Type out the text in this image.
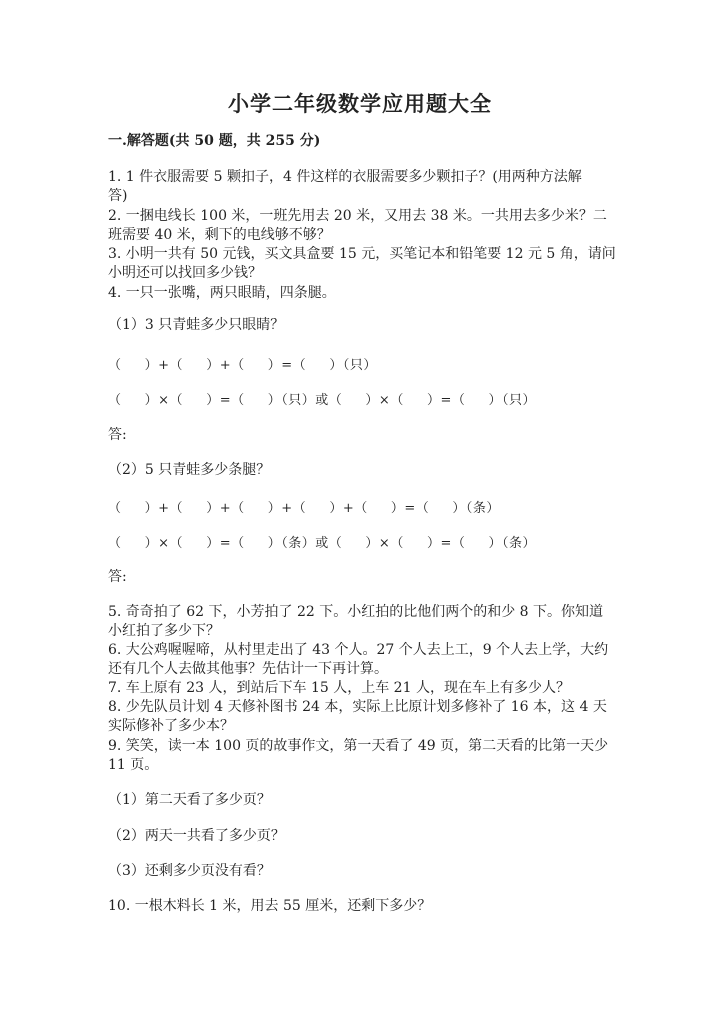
小学二年级数学应用题大全
一.解答题(共 50 题，共 255 分)
1. 1 件衣服需要 5 颗扣子，4 件这样的衣服需要多少颗扣子？(用两种方法解
答)
2. 一捆电线长 100 米，一班先用去 20 米，又用去 38 米。一共用去多少米？二
班需要 40 米，剩下的电线够不够？
3. 小明一共有 50 元钱，买文具盒要 15 元，买笔记本和铅笔要 12 元 5 角，请问
小明还可以找回多少钱？
4. 一只一张嘴，两只眼睛，四条腿。
（1）3 只青蛙多少只眼睛？
（     ）+（     ）+（     ）=（     ）（只）
（     ）×（     ）=（     ）（只）或（     ）×（     ）=（     ）（只）
答:
（2）5 只青蛙多少条腿？
（     ）+（     ）+（     ）+（     ）+（     ）=（     ）（条）
（     ）×（     ）=（     ）（条）或（     ）×（     ）=（     ）（条）
答:
5. 奇奇拍了 62 下，小芳拍了 22 下。小红拍的比他们两个的和少 8 下。你知道
小红拍了多少下？
6. 大公鸡喔喔啼，从村里走出了 43 个人。27 个人去上工，9 个人去上学，大约
还有几个人去做其他事？先估计一下再计算。
7. 车上原有 23 人，到站后下车 15 人，上车 21 人，现在车上有多少人？
8. 少先队员计划 4 天修补图书 24 本，实际上比原计划多修补了 16 本，这 4 天
实际修补了多少本？
9. 笑笑，读一本 100 页的故事作文，第一天看了 49 页，第二天看的比第一天少
11 页。
（1）第二天看了多少页？
（2）两天一共看了多少页？
（3）还剩多少页没有看？
10. 一根木料长 1 米，用去 55 厘米，还剩下多少？
